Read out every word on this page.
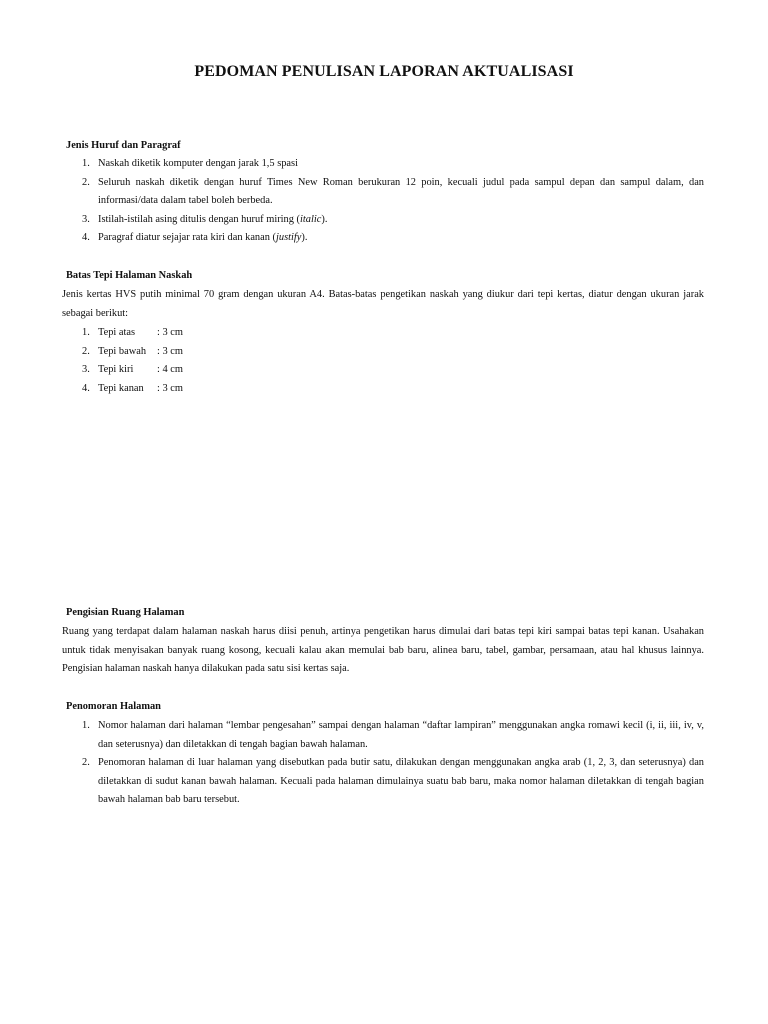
PEDOMAN PENULISAN LAPORAN AKTUALISASI
Jenis Huruf dan Paragraf
1. Naskah diketik komputer dengan jarak 1,5 spasi
2. Seluruh naskah diketik dengan huruf Times New Roman berukuran 12 poin, kecuali judul pada sampul depan dan sampul dalam, dan informasi/data dalam tabel boleh berbeda.
3. Istilah-istilah asing ditulis dengan huruf miring (italic).
4. Paragraf diatur sejajar rata kiri dan kanan (justify).
Batas Tepi Halaman Naskah
Jenis kertas HVS putih minimal 70 gram dengan ukuran A4. Batas-batas pengetikan naskah yang diukur dari tepi kertas, diatur dengan ukuran jarak sebagai berikut:
1. Tepi atas : 3 cm
2. Tepi bawah : 3 cm
3. Tepi kiri : 4 cm
4. Tepi kanan : 3 cm
Pengisian Ruang Halaman
Ruang yang terdapat dalam halaman naskah harus diisi penuh, artinya pengetikan harus dimulai dari batas tepi kiri sampai batas tepi kanan. Usahakan untuk tidak menyisakan banyak ruang kosong, kecuali kalau akan memulai bab baru, alinea baru, tabel, gambar, persamaan, atau hal khusus lainnya. Pengisian halaman naskah hanya dilakukan pada satu sisi kertas saja.
Penomoran Halaman
1. Nomor halaman dari halaman “lembar pengesahan” sampai dengan halaman “daftar lampiran” menggunakan angka romawi kecil (i, ii, iii, iv, v, dan seterusnya) dan diletakkan di tengah bagian bawah halaman.
2. Penomoran halaman di luar halaman yang disebutkan pada butir satu, dilakukan dengan menggunakan angka arab (1, 2, 3, dan seterusnya) dan diletakkan di sudut kanan bawah halaman. Kecuali pada halaman dimulainya suatu bab baru, maka nomor halaman diletakkan di tengah bagian bawah halaman bab baru tersebut.
